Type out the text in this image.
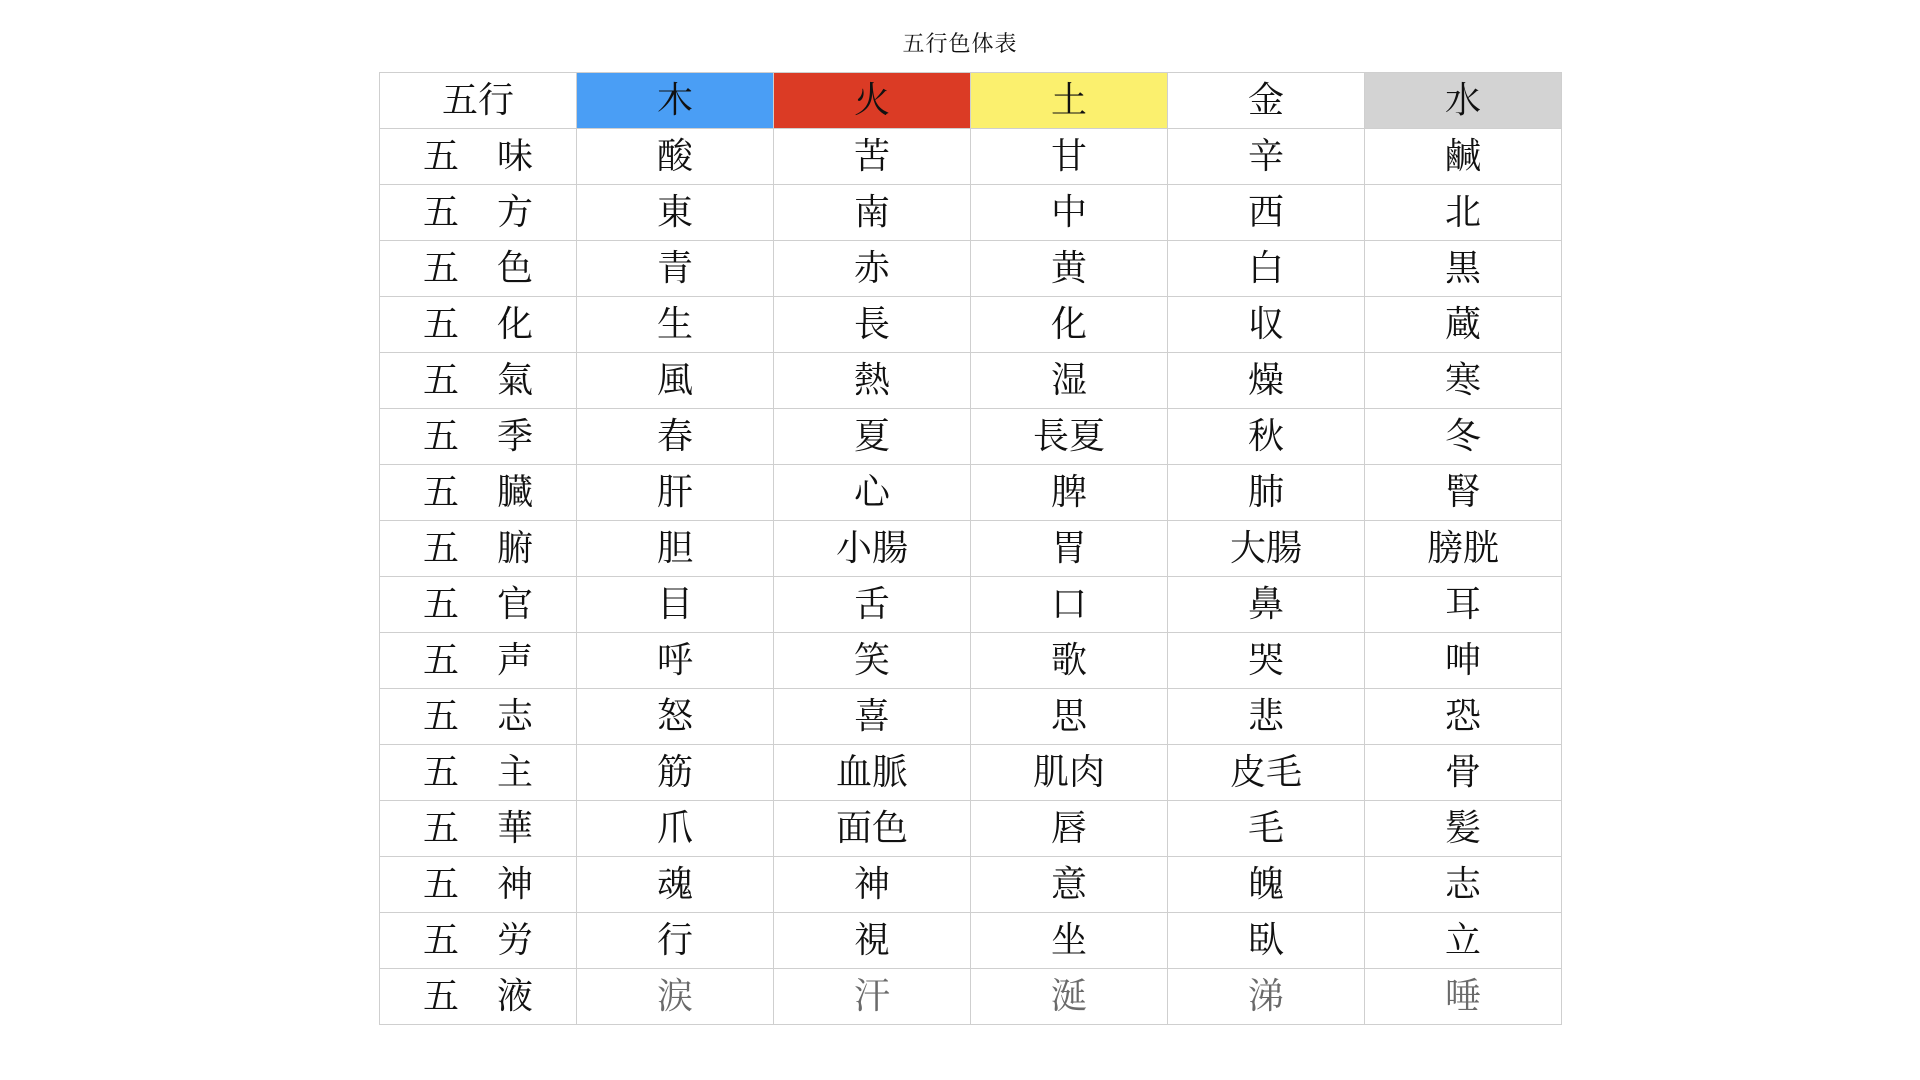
五行色体表
五行	木	火	土	金	水
五 味	酸	苦	甘	辛	鹹
五 方	東	南	中	西	北
五 色	青	赤	黄	白	黒
五 化	生	長	化	収	蔵
五 氣	風	熱	湿	燥	寒
五 季	春	夏	長夏	秋	冬
五 臓	肝	心	脾	肺	腎
五 腑	胆	小腸	胃	大腸	膀胱
五 官	目	舌	口	鼻	耳
五 声	呼	笑	歌	哭	呻
五 志	怒	喜	思	悲	恐
五 主	筋	血脈	肌肉	皮毛	骨
五 華	爪	面色	唇	毛	髪
五 神	魂	神	意	魄	志
五 労	行	視	坐	臥	立
五 液	涙	汗	涎	涕	唾
